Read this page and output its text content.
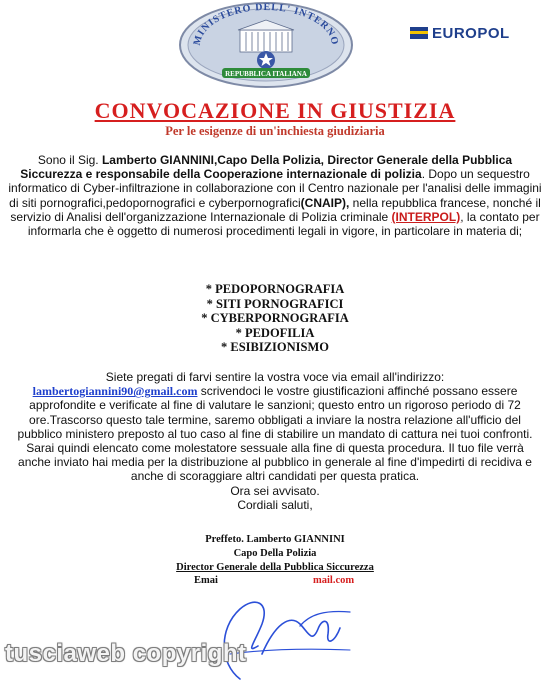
MINISTERO DELL' INTERNO
REPUBBLICA ITALIANA
EUROPOL
CONVOCAZIONE IN GIUSTIZIA
Per le esigenze di un'inchiesta giudiziaria

Sono il Sig. Lamberto GIANNINI,Capo Della Polizia, Director Generale della Pubblica Siccurezza e responsabile della Cooperazione internazionale di polizia. Dopo un sequestro informatico di Cyber-infiltrazione in collaborazione con il Centro nazionale per l'analisi delle immagini di siti pornografici,pedopornografici e cyberpornografici(CNAIP), nella repubblica francese, nonché il servizio di Analisi dell'organizzazione Internazionale di Polizia criminale (INTERPOL), la contato per informarla che è oggetto di numerosi procedimenti legali in vigore, in particolare in materia di;

* PEDOPORNOGRAFIA
* SITI PORNOGRAFICI
* CYBERPORNOGRAFIA
* PEDOFILIA
* ESIBIZIONISMO

Siete pregati di farvi sentire la vostra voce via email all'indirizzo:
lambertogiannini90@gmail.com scrivendoci le vostre giustificazioni affinché possano essere approfondite e verificate al fine di valutare le sanzioni; questo entro un rigoroso periodo di 72 ore.Trascorso questo tale termine, saremo obbligati a inviare la nostra relazione all'ufficio del pubblico ministero preposto al tuo caso al fine di stabilire un mandato di cattura nei tuoi confronti. Sarai quindi elencato come molestatore sessuale alla fine di questa procedura. Il tuo file verrà anche inviato hai media per la distribuzione al pubblico in generale al fine d'impedirti di recidiva e anche di scoraggiare altri candidati per questa pratica.
Ora sei avvisato.
Cordiali saluti,

Preffeto. Lamberto GIANNINI
Capo Della Polizia
Director Generale della Pubblica Siccurezza
Emai	mail.com
tusciaweb copyright
